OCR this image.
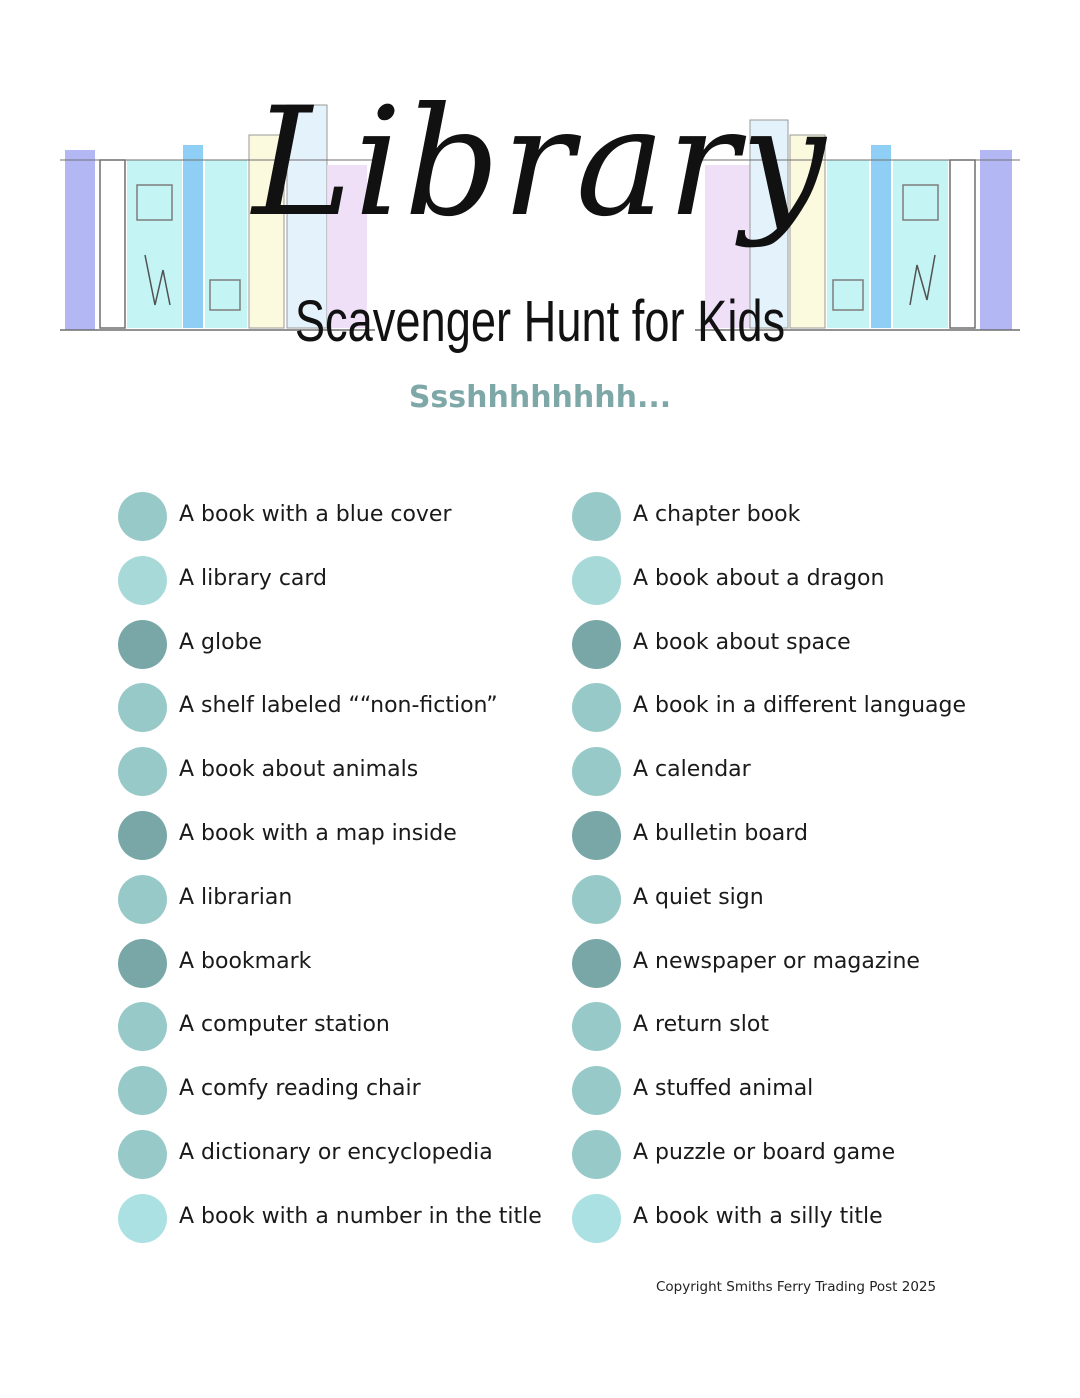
Library
Scavenger Hunt for Kids
Ssshhhhhhhh...
A book with a blue cover
A library card
A globe
A shelf labeled ““non-fiction”
A book about animals
A book with a map inside
A librarian
A bookmark
A computer station
A comfy reading chair
A dictionary or encyclopedia
A book with a number in the title
A chapter book
A book about a dragon
A book about space
A book in a different language
A calendar
A bulletin board
A quiet sign
A newspaper or magazine
A return slot
A stuffed animal
A puzzle or board game
A book with a silly title
Copyright Smiths Ferry Trading Post 2025
